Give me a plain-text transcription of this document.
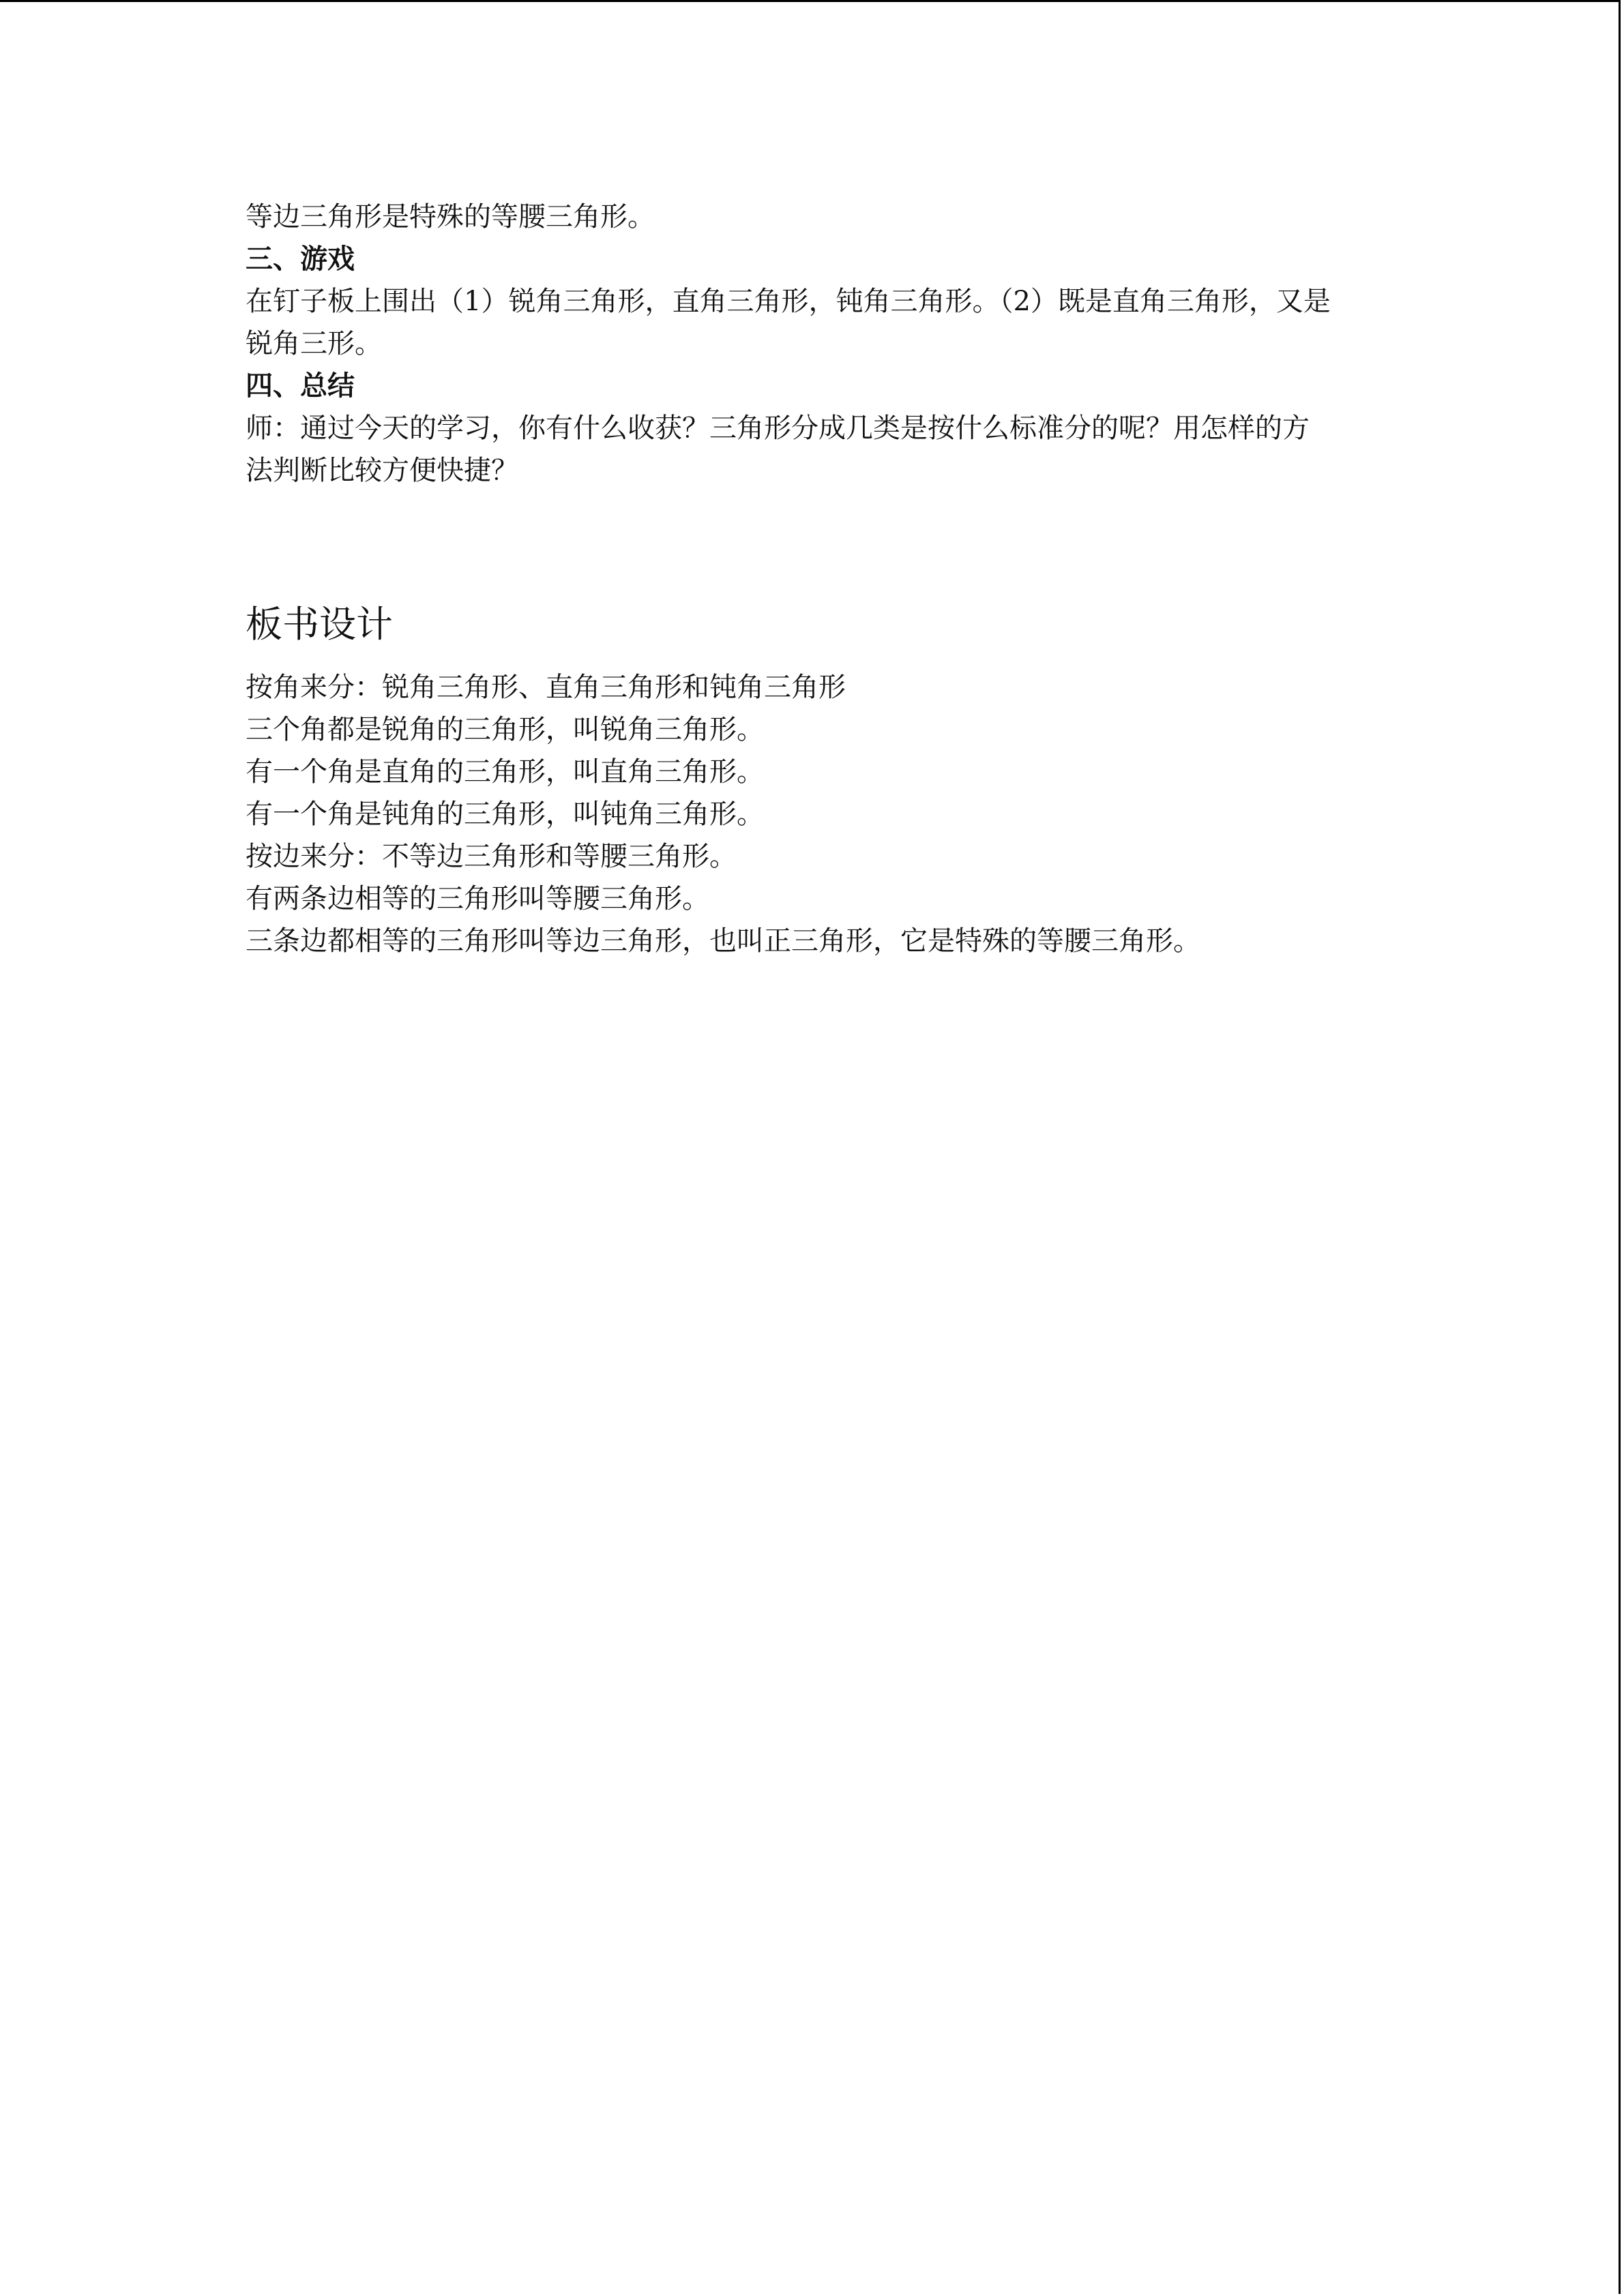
等边三角形是特殊的等腰三角形。

三、游戏

在钉子板上围出（1）锐角三角形，直角三角形，钝角三角形。（2）既是直角三角形，又是

锐角三形。

四、总结

师：通过今天的学习，你有什么收获？三角形分成几类是按什么标准分的呢？用怎样的方

法判断比较方便快捷？

板书设计

按角来分：锐角三角形、直角三角形和钝角三角形

三个角都是锐角的三角形，叫锐角三角形。

有一个角是直角的三角形，叫直角三角形。

有一个角是钝角的三角形，叫钝角三角形。

按边来分：不等边三角形和等腰三角形。

有两条边相等的三角形叫等腰三角形。

三条边都相等的三角形叫等边三角形，也叫正三角形，它是特殊的等腰三角形。
